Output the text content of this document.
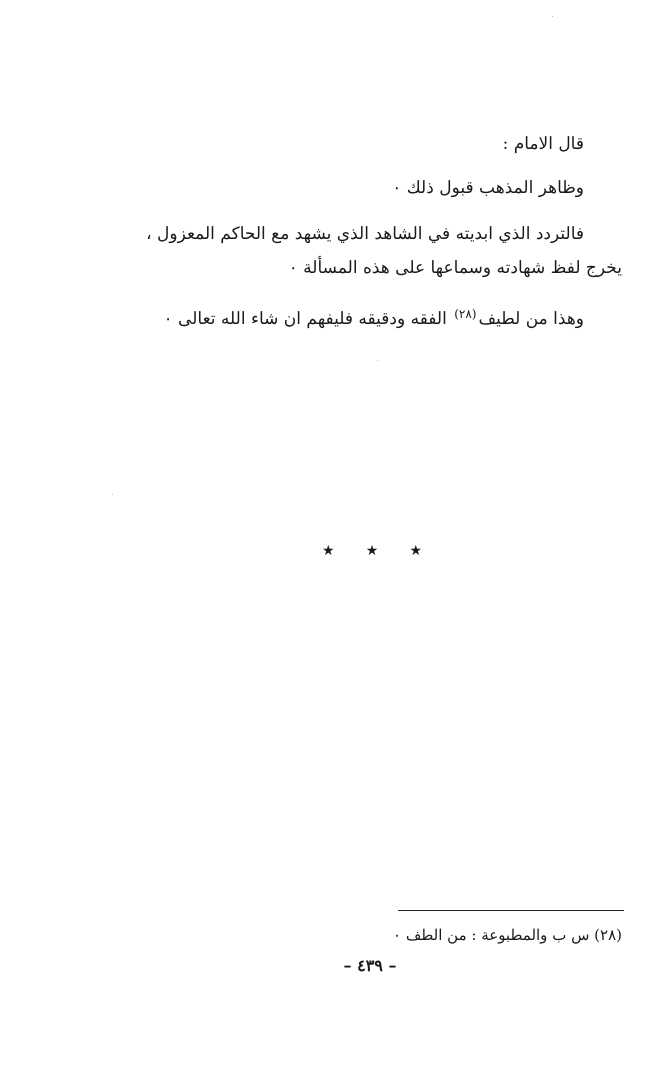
قال الامام :
وظاهر المذهب قبول ذلك ٠
فالتردد الذي ابديته في الشاهد الذي يشهد مع الحاكم المعزول ،
يخرج لفظ شهادته وسماعها على هذه المسألة ٠
وهذا من لطيف$^{(٢٨)}$ الفقه ودقيقه فليفهم ان شاء الله تعالى ٠
★ ★ ★
(٢٨) س ب والمطبوعة : من الطف ٠
– ٤٣٩ –
